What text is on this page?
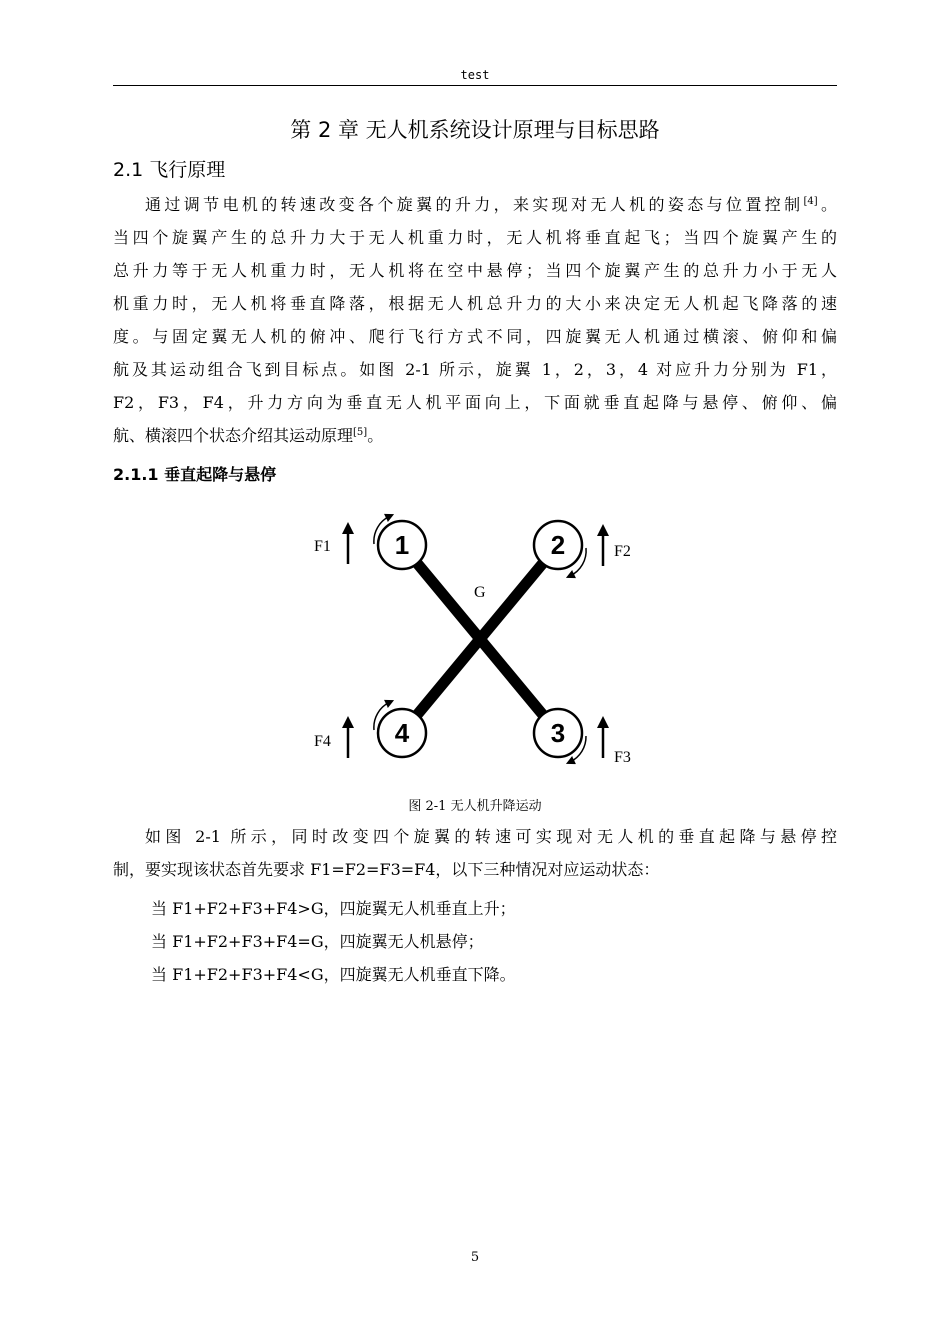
test
第 2 章 无人机系统设计原理与目标思路
2.1 飞行原理
通过调节电机的转速改变各个旋翼的升力，来实现对无人机的姿态与位置控制[4]。
当四个旋翼产生的总升力大于无人机重力时，无人机将垂直起飞；当四个旋翼产生的
总升力等于无人机重力时，无人机将在空中悬停；当四个旋翼产生的总升力小于无人
机重力时，无人机将垂直降落，根据无人机总升力的大小来决定无人机起飞降落的速
度。与固定翼无人机的俯冲、爬行飞行方式不同，四旋翼无人机通过横滚、俯仰和偏
航及其运动组合飞到目标点。如图 2-1 所示，旋翼 1，2，3，4 对应升力分别为 F1，
F2，F3，F4，升力方向为垂直无人机平面向上，下面就垂直起降与悬停、俯仰、偏
航、横滚四个状态介绍其运动原理[5]。
2.1.1 垂直起降与悬停
1	2
3
4
F1	F2
F3
F4
G
图 2-1 无人机升降运动
如图 2-1 所示，同时改变四个旋翼的转速可实现对无人机的垂直起降与悬停控
制，要实现该状态首先要求 F1=F2=F3=F4，以下三种情况对应运动状态：
当 F1+F2+F3+F4>G，四旋翼无人机垂直上升；
当 F1+F2+F3+F4=G，四旋翼无人机悬停；
当 F1+F2+F3+F4<G，四旋翼无人机垂直下降。
5
